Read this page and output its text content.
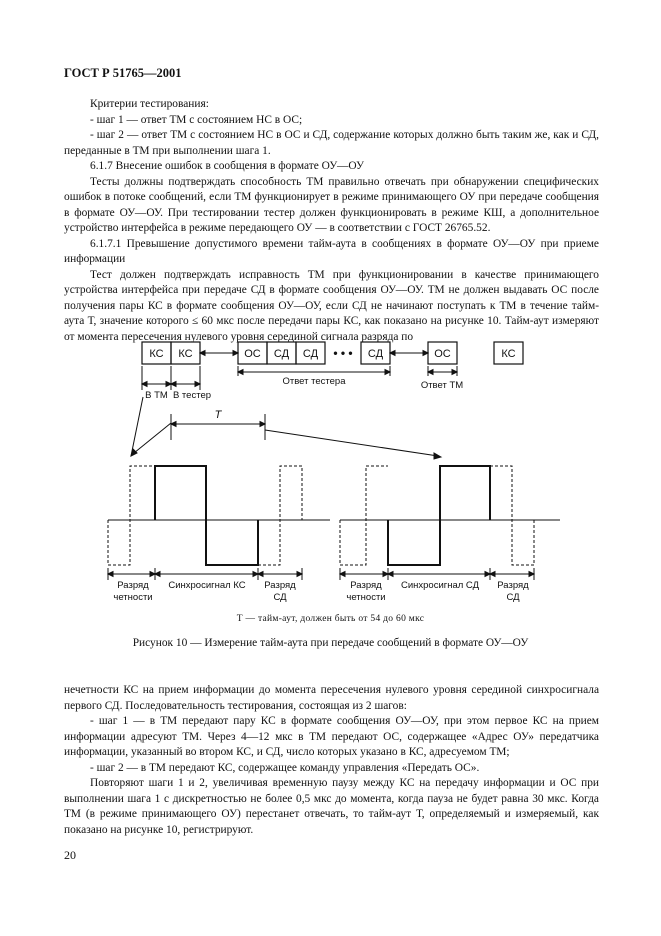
ГОСТ Р 51765—2001

Критерии тестирования:

- шаг 1 — ответ ТМ с состоянием НС в ОС;

- шаг 2 — ответ ТМ с состоянием НС в ОС и СД, содержание которых должно быть таким же, как и СД, переданные в ТМ при выполнении шага 1.

6.1.7 Внесение ошибок в сообщения в формате ОУ—ОУ

Тесты должны подтверждать способность ТМ правильно отвечать при обнаружении специфических ошибок в потоке сообщений, если ТМ функционирует в режиме принимающего ОУ при передаче сообщения в формате ОУ—ОУ. При тестировании тестер должен функционировать в режиме КШ, а дополнительное устройство интерфейса в режиме передающего ОУ — в соответствии с ГОСТ 26765.52.

6.1.7.1 Превышение допустимого времени тайм-аута в сообщениях в формате ОУ—ОУ при приеме информации

Тест должен подтверждать исправность ТМ при функционировании в качестве принимающего устройства интерфейса при передаче СД в формате сообщения ОУ—ОУ. ТМ не должен выдавать ОС после получения пары КС в формате сообщения ОУ—ОУ, если СД не начинают поступать к ТМ в течение тайм-аута Т, значение которого ≤ 60 мкс после передачи пары КС, как показано на рисунке 10. Тайм-аут измеряют от момента пересечения нулевого уровня серединой сигнала разряда по

КС КС	ОС СД СД • • • СД	ОС	КС
В ТМ В тестер
Ответ тестера	Ответ ТМ
T
Разряд
четности
Синхросигнал КС Разряд
СД
Разряд
четности
Синхросигнал СД Разряд
СД
Т — тайм-аут, должен быть от 54 до 60 мкс
Рисунок 10 — Измерение тайм-аута при передаче сообщений в формате ОУ—ОУ

нечетности КС на прием информации до момента пересечения нулевого уровня серединой синхросигнала первого СД. Последовательность тестирования, состоящая из 2 шагов:

- шаг 1 — в ТМ передают пару КС в формате сообщения ОУ—ОУ, при этом первое КС на прием информации адресуют ТМ. Через 4—12 мкс в ТМ передают ОС, содержащее «Адрес ОУ» передатчика информации, указанный во втором КС, и СД, число которых указано в КС, адресуемом ТМ;

- шаг 2 — в ТМ передают КС, содержащее команду управления «Передать ОС».

Повторяют шаги 1 и 2, увеличивая временную паузу между КС на передачу информации и ОС при выполнении шага 1 с дискретностью не более 0,5 мкс до момента, когда пауза не будет равна 30 мкс. Когда ТМ (в режиме принимающего ОУ) перестанет отвечать, то тайм-аут Т, определяемый и измеряемый, как показано на рисунке 10, регистрируют.

20
